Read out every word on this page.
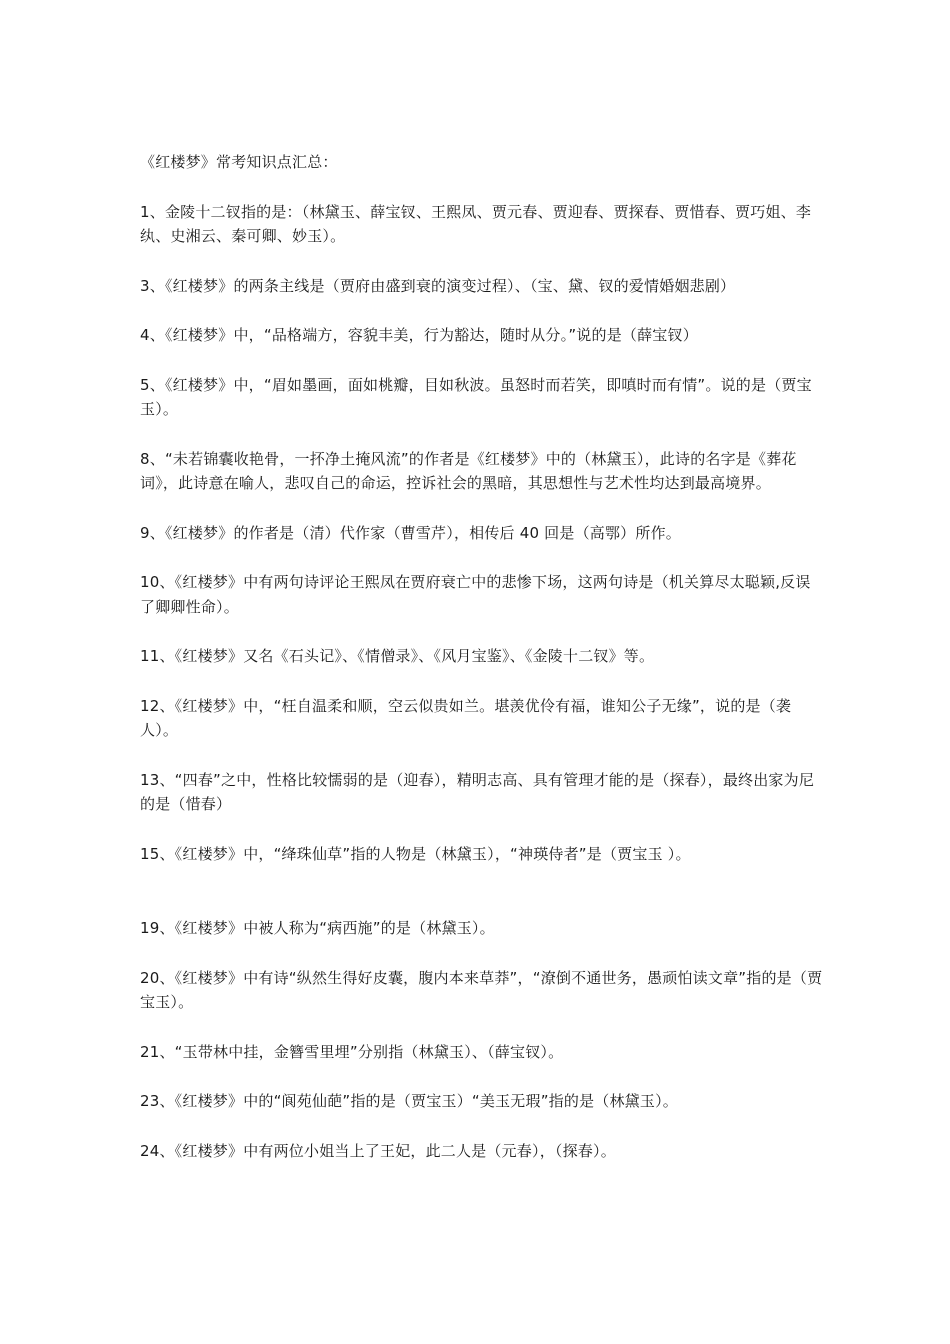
《红楼梦》常考知识点汇总：

1、金陵十二钗指的是：（林黛玉、薛宝钗、王熙凤、贾元春、贾迎春、贾探春、贾惜春、贾巧姐、李纨、史湘云、秦可卿、妙玉）。

3、《红楼梦》的两条主线是（贾府由盛到衰的演变过程）、（宝、黛、钗的爱情婚姻悲剧）

4、《红楼梦》中，“品格端方，容貌丰美，行为豁达，随时从分。”说的是（薛宝钗）

5、《红楼梦》中，“眉如墨画，面如桃瓣，目如秋波。虽怒时而若笑，即嗔时而有情”。说的是（贾宝玉）。

8、“未若锦囊收艳骨，一抔净土掩风流”的作者是《红楼梦》中的（林黛玉），此诗的名字是《葬花词》，此诗意在喻人，悲叹自己的命运，控诉社会的黑暗，其思想性与艺术性均达到最高境界。

9、《红楼梦》的作者是（清）代作家（曹雪芹），相传后 40 回是（高鄂）所作。

10、《红楼梦》中有两句诗评论王熙凤在贾府衰亡中的悲惨下场，这两句诗是（机关算尽太聪颖,反误了卿卿性命）。

11、《红楼梦》又名《石头记》、《情僧录》、《风月宝鉴》、《金陵十二钗》等。

12、《红楼梦》中，“枉自温柔和顺，空云似贵如兰。堪羡优伶有福，谁知公子无缘”，说的是（袭人）。

13、“四春”之中，性格比较懦弱的是（迎春），精明志高、具有管理才能的是（探春），最终出家为尼的是（惜春）

15、《红楼梦》中，“绛珠仙草”指的人物是（林黛玉），“神瑛侍者”是（贾宝玉 ）。

19、《红楼梦》中被人称为“病西施”的是（林黛玉）。

20、《红楼梦》中有诗“纵然生得好皮囊，腹内本来草莽”，“潦倒不通世务，愚顽怕读文章”指的是（贾宝玉）。

21、“玉带林中挂，金簪雪里埋”分别指（林黛玉）、（薛宝钗）。

23、《红楼梦》中的“阆苑仙葩”指的是（贾宝玉）“美玉无瑕”指的是（林黛玉）。

24、《红楼梦》中有两位小姐当上了王妃，此二人是（元春），（探春）。
